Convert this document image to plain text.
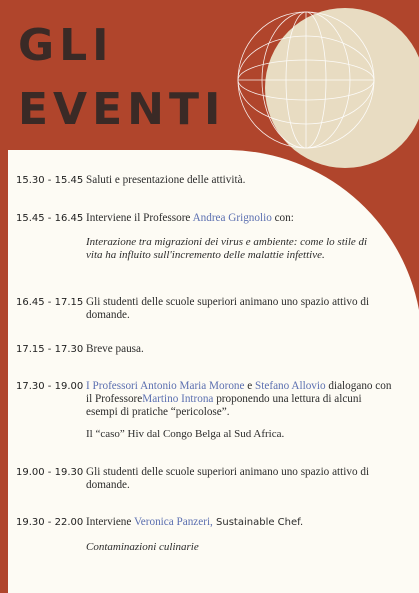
GLI
EVENTI
15.30 - 15.45 Saluti e presentazione delle attività.
15.45 - 16.45 Interviene il Professore Andrea Grignolio con:
Interazione tra migrazioni dei virus e ambiente: come lo stile di vita ha influito sull'incremento delle malattie infettive.
16.45 - 17.15 Gli studenti delle scuole superiori animano uno spazio attivo di domande.
17.15 - 17.30 Breve pausa.
17.30 - 19.00 I Professori Antonio Maria Morone e Stefano Allovio dialogano con il ProfessoreMartino Introna proponendo una lettura di alcuni esempi di pratiche “pericolose”.
Il “caso” Hiv dal Congo Belga al Sud Africa.
19.00 - 19.30 Gli studenti delle scuole superiori animano uno spazio attivo di domande.
19.30 - 22.00 Interviene Veronica Panzeri, Sustainable Chef.
Contaminazioni culinarie
